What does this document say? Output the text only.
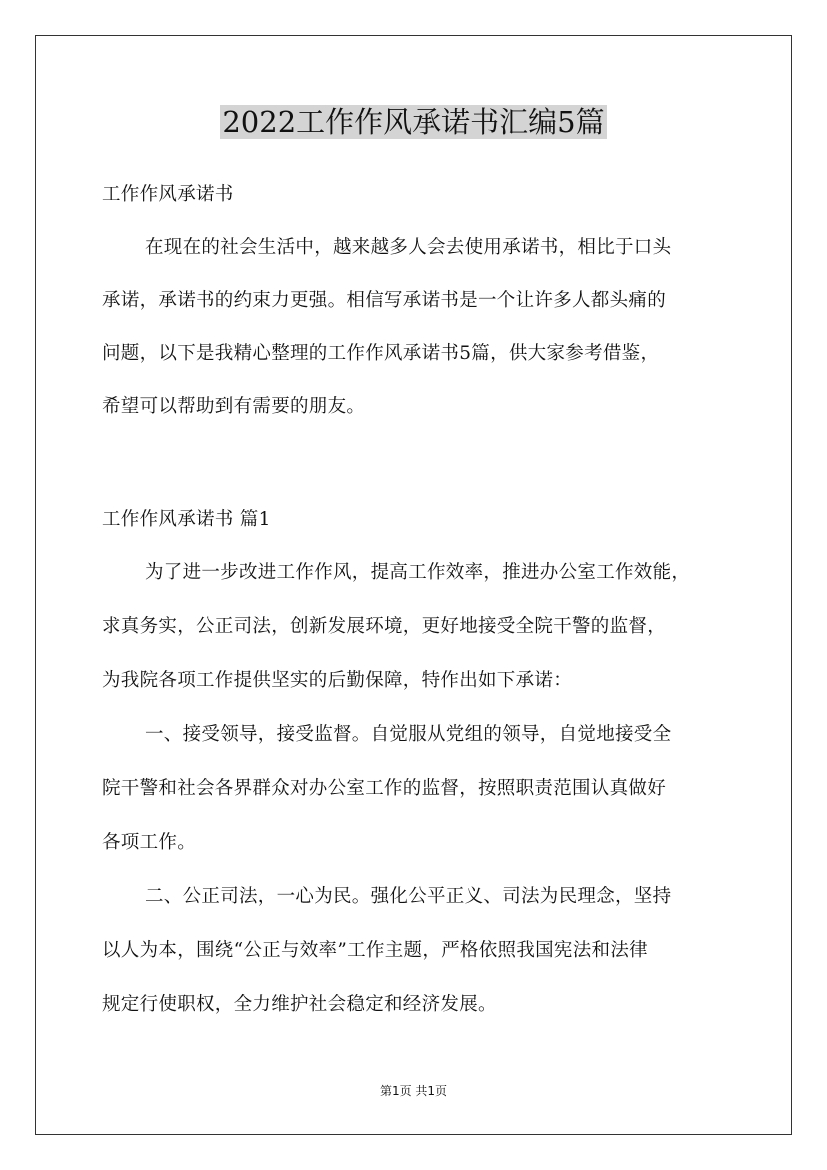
2022工作作风承诺书汇编5篇

工作作风承诺书

在现在的社会生活中，越来越多人会去使用承诺书，相比于口头

承诺，承诺书的约束力更强。相信写承诺书是一个让许多人都头痛的

问题，以下是我精心整理的工作作风承诺书5篇，供大家参考借鉴，

希望可以帮助到有需要的朋友。

工作作风承诺书 篇1

为了进一步改进工作作风，提高工作效率，推进办公室工作效能，

求真务实，公正司法，创新发展环境，更好地接受全院干警的监督，

为我院各项工作提供坚实的后勤保障，特作出如下承诺：

一、接受领导，接受监督。自觉服从党组的领导，自觉地接受全

院干警和社会各界群众对办公室工作的监督，按照职责范围认真做好

各项工作。

二、公正司法，一心为民。强化公平正义、司法为民理念，坚持

以人为本，围绕“公正与效率”工作主题，严格依照我国宪法和法律

规定行使职权，全力维护社会稳定和经济发展。

第1页 共1页
